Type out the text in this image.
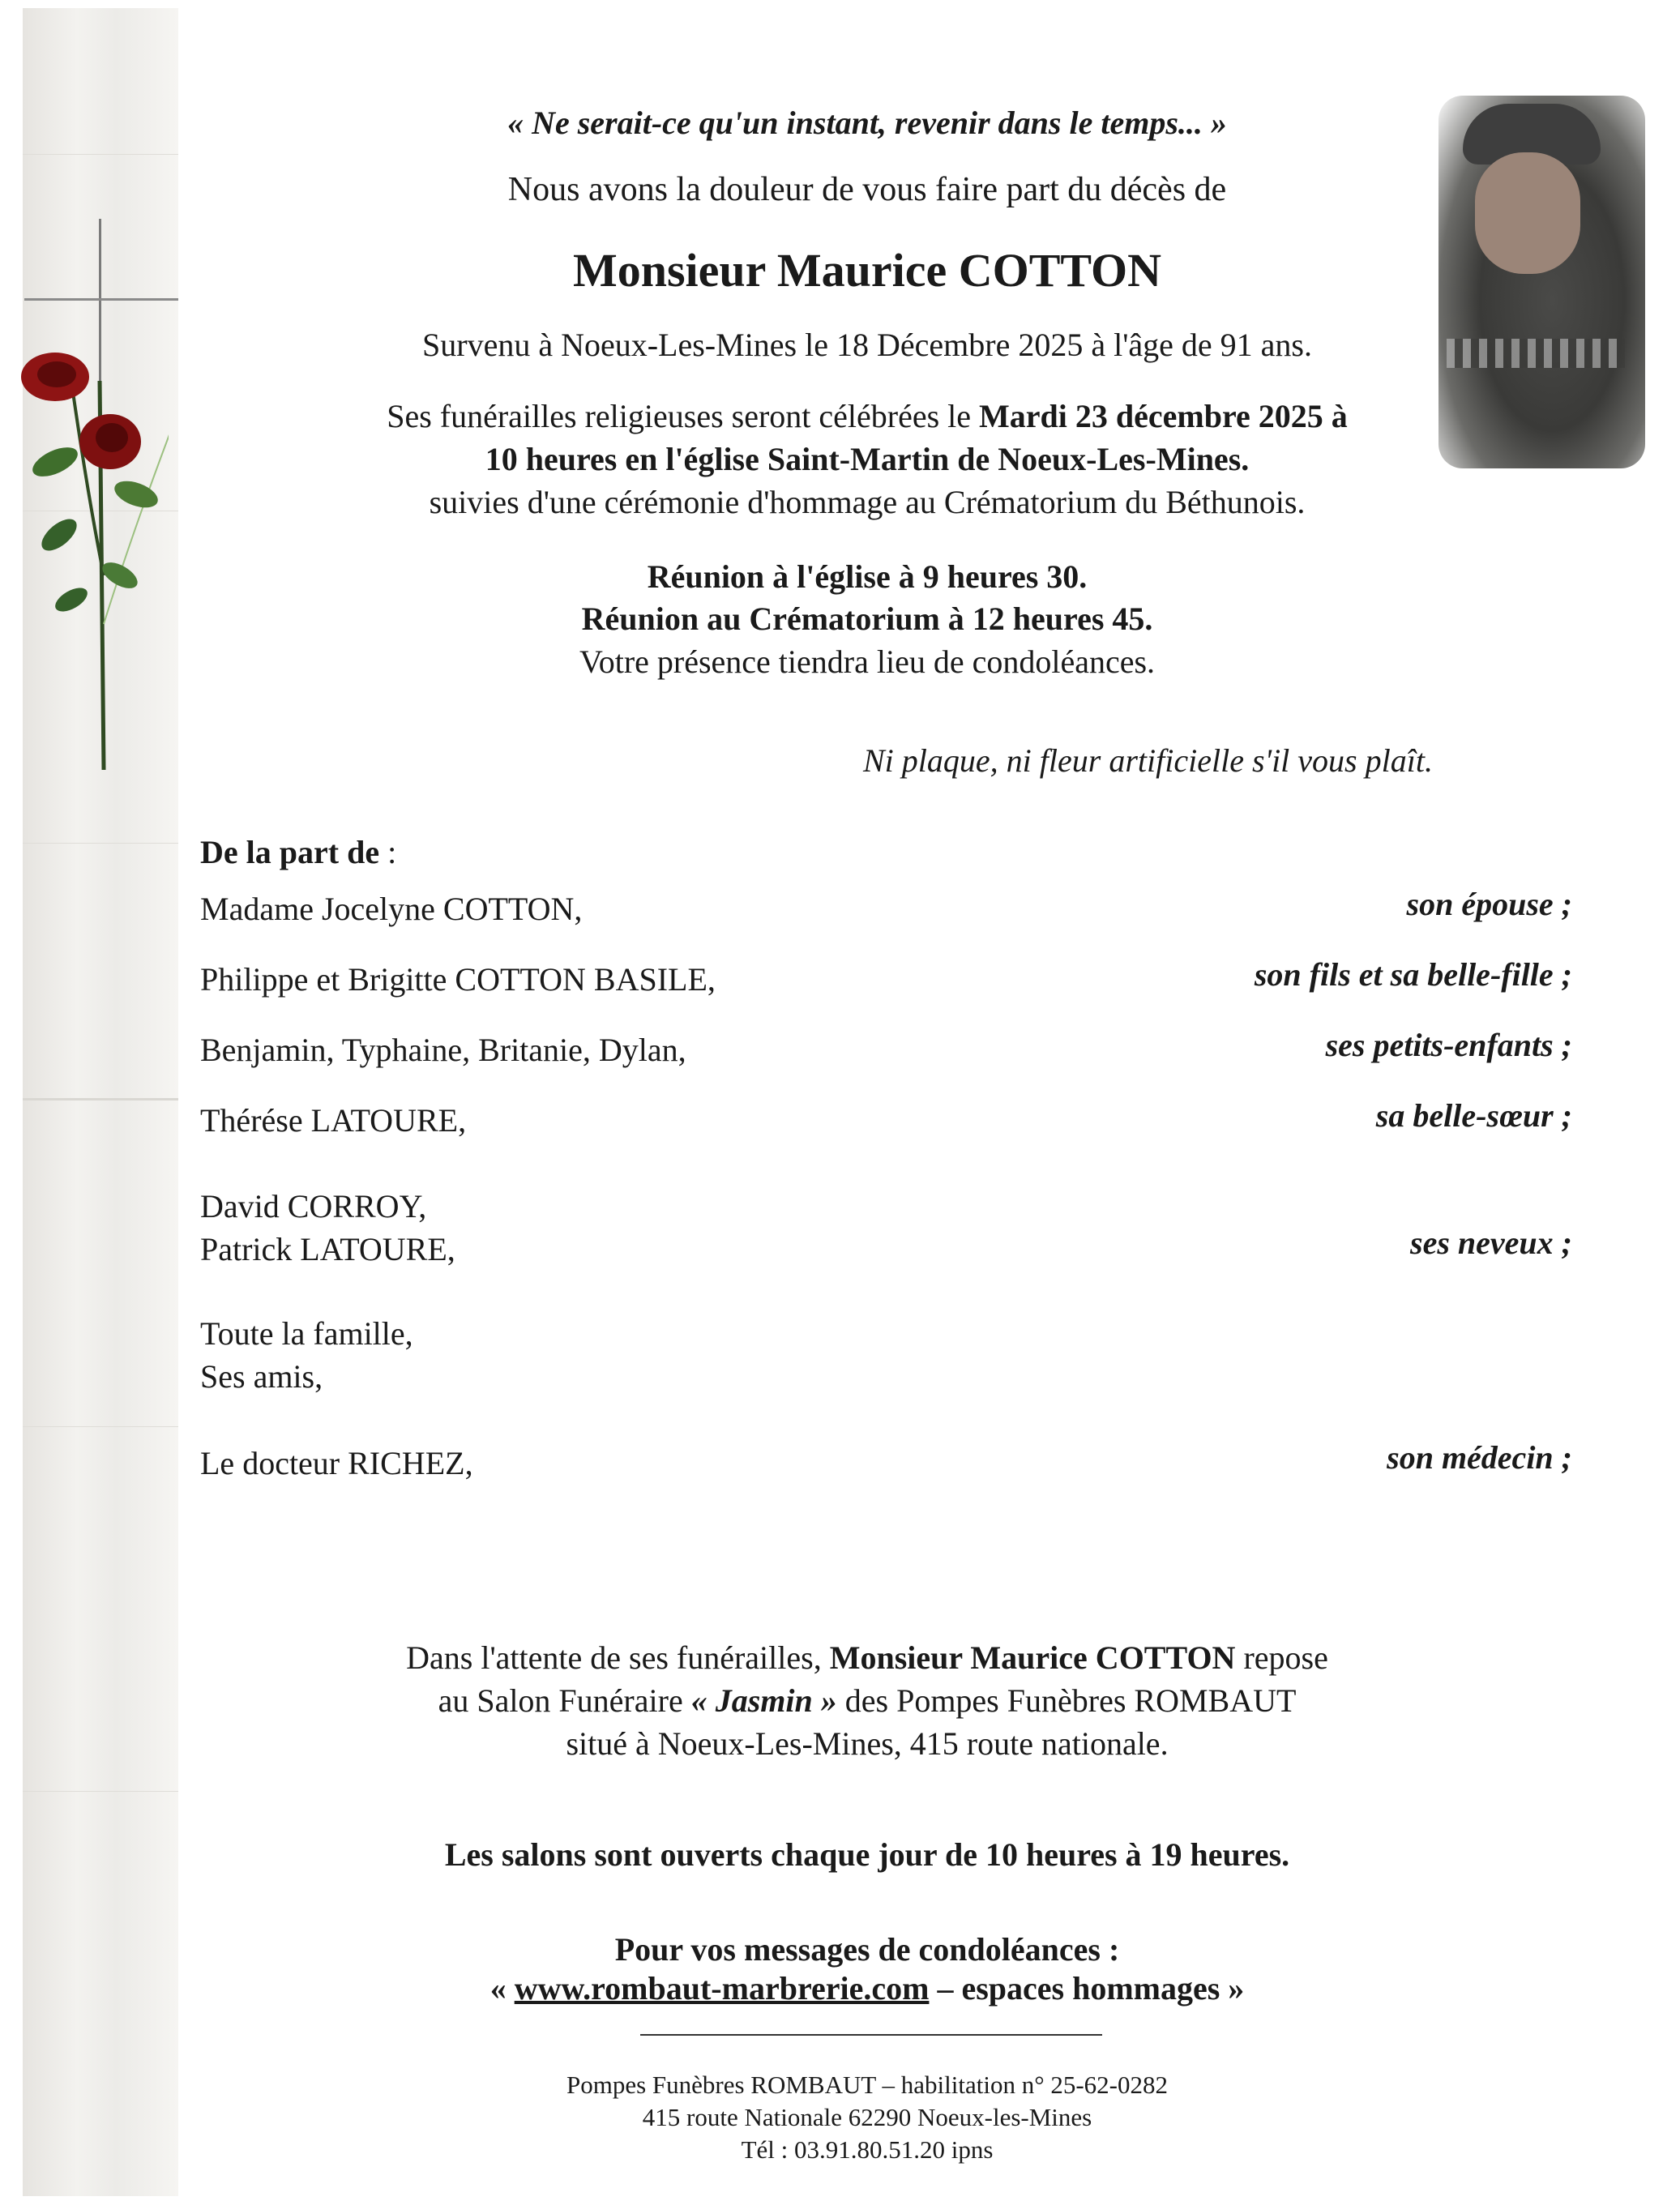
« Ne serait-ce qu'un instant, revenir dans le temps... »
Nous avons la douleur de vous faire part du décès de
Monsieur Maurice COTTON
Survenu à Noeux-Les-Mines le 18 Décembre 2025 à l'âge de 91 ans.
Ses funérailles religieuses seront célébrées le Mardi 23 décembre 2025 à
10 heures en l'église Saint-Martin de Noeux-Les-Mines.
suivies d'une cérémonie d'hommage au Crématorium du Béthunois.
Réunion à l'église à 9 heures 30.
Réunion au Crématorium à 12 heures 45.
Votre présence tiendra lieu de condoléances.
Ni plaque, ni fleur artificielle s'il vous plaît.
De la part de :
Madame Jocelyne COTTON,	son épouse ;
Philippe et Brigitte COTTON BASILE,	son fils et sa belle-fille ;
Benjamin, Typhaine, Britanie, Dylan,	ses petits-enfants ;
Thérése LATOURE,	sa belle-sœur ;
David CORROY,
Patrick LATOURE,	ses neveux ;
Toute la famille,
Ses amis,
Le docteur RICHEZ,	son médecin ;
Dans l'attente de ses funérailles, Monsieur Maurice COTTON repose
au Salon Funéraire « Jasmin » des Pompes Funèbres ROMBAUT
situé à Noeux-Les-Mines, 415 route nationale.
Les salons sont ouverts chaque jour de 10 heures à 19 heures.
Pour vos messages de condoléances :
« www.rombaut-marbrerie.com – espaces hommages »
Pompes Funèbres ROMBAUT – habilitation n° 25-62-0282
415 route Nationale 62290 Noeux-les-Mines
Tél : 03.91.80.51.20 ipns
